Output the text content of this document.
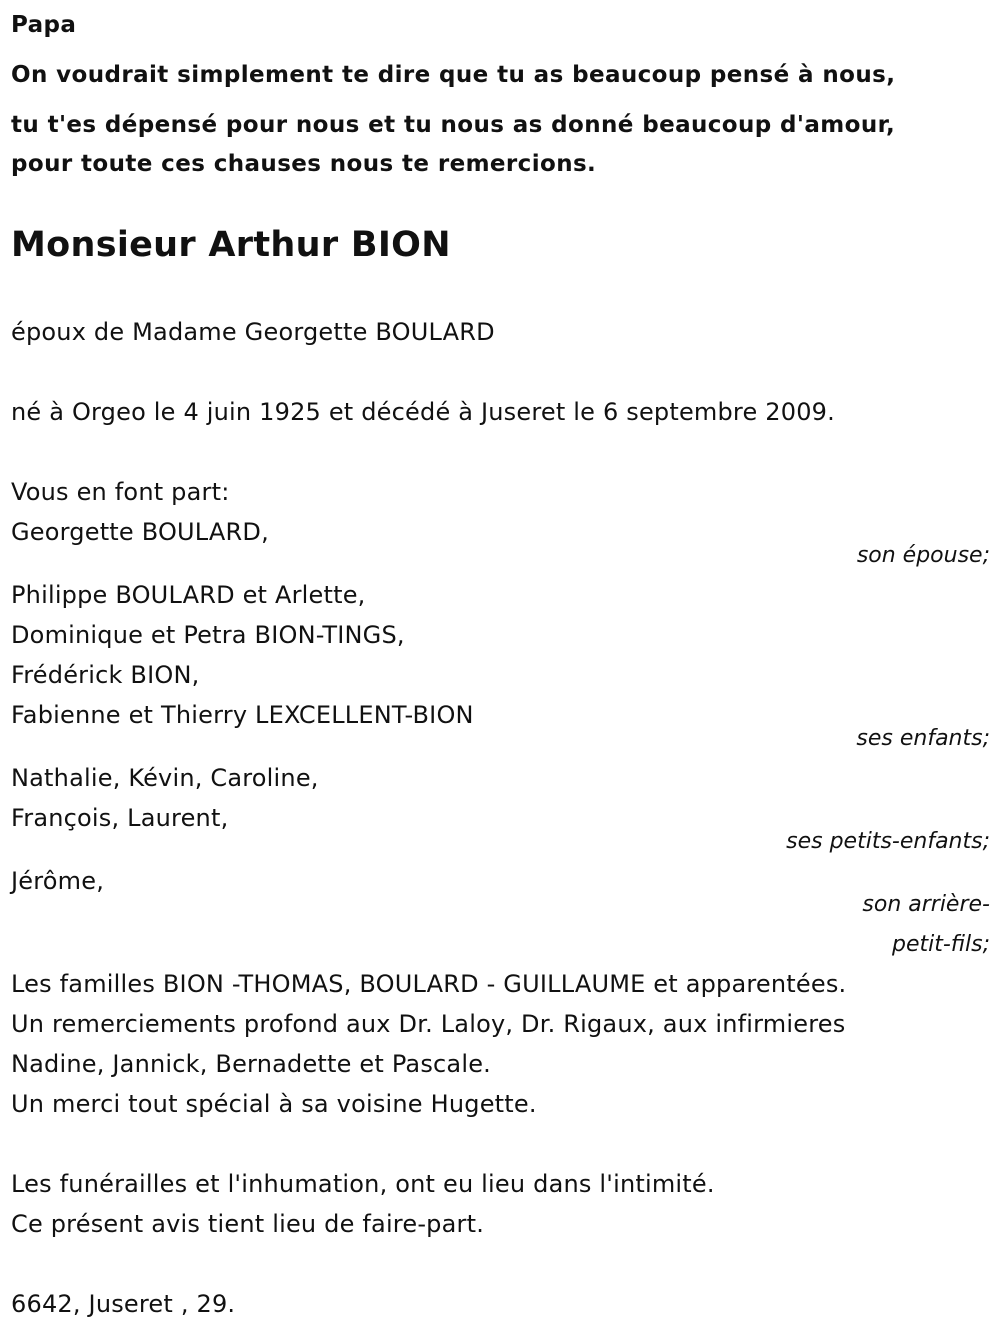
Papa
On voudrait simplement te dire que tu as beaucoup pensé à nous,
tu t'es dépensé pour nous et tu nous as donné beaucoup d'amour,
pour toute ces chauses nous te remercions.
Monsieur Arthur BION
époux de Madame Georgette BOULARD
né à Orgeo le 4 juin 1925 et décédé à Juseret le 6 septembre 2009.
Vous en font part:
Georgette BOULARD,
son épouse;
Philippe BOULARD et Arlette,
Dominique et Petra BION-TINGS,
Frédérick BION,
Fabienne et Thierry LEXCELLENT-BION
ses enfants;
Nathalie, Kévin, Caroline,
François, Laurent,
ses petits-enfants;
Jérôme,
son arrière-
petit-fils;
Les familles BION -THOMAS, BOULARD - GUILLAUME et apparentées.
Un remerciements profond aux Dr. Laloy, Dr. Rigaux, aux infirmieres
Nadine, Jannick, Bernadette et Pascale.
Un merci tout spécial à sa voisine Hugette.
Les funérailles et l'inhumation, ont eu lieu dans l'intimité.
Ce présent avis tient lieu de faire-part.
6642, Juseret , 29.
